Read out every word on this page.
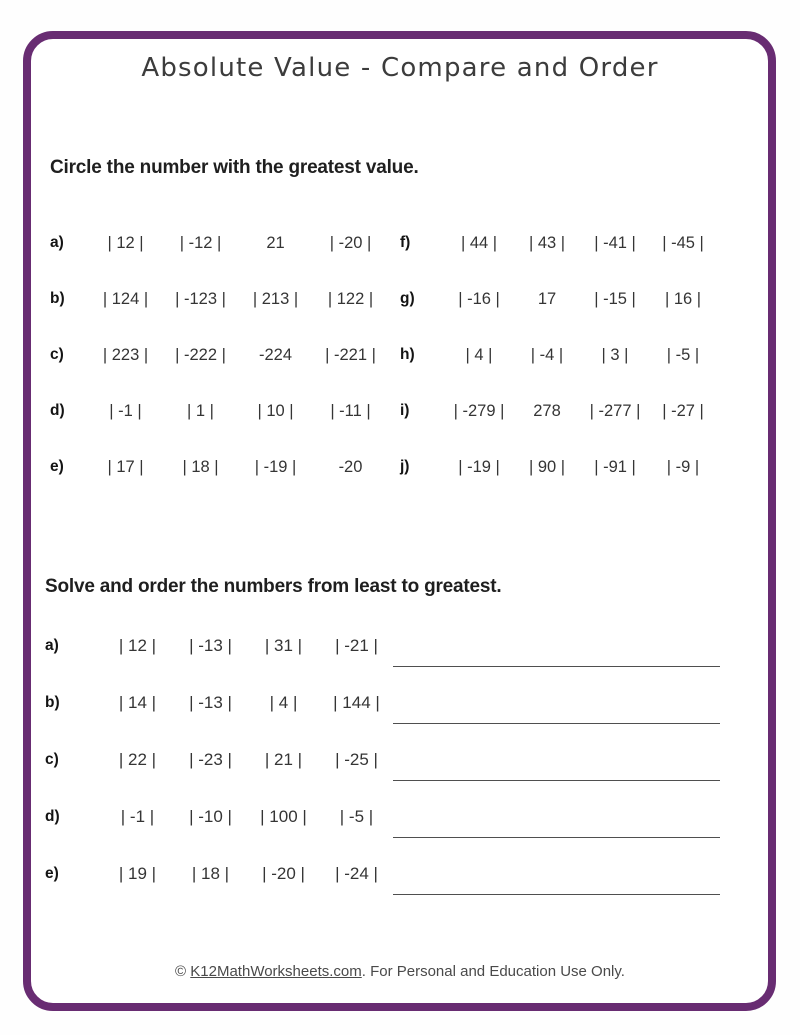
Absolute Value - Compare and Order
Circle the number with the greatest value.
a)	| 12 |	| -12 |	21	| -20 |
b)	| 124 |	| -123 |	| 213 |	| 122 |
c)	| 223 |	| -222 |	-224	| -221 |
d)	| -1 |	| 1 |	| 10 |	| -11 |
e)	| 17 |	| 18 |	| -19 |	-20
f)	| 44 |	| 43 |	| -41 |	| -45 |
g)	| -16 |	17	| -15 |	| 16 |
h)	| 4 |	| -4 |	| 3 |	| -5 |
i)	| -279 |	278	| -277 |	| -27 |
j)	| -19 |	| 90 |	| -91 |	| -9 |
Solve and order the numbers from least to greatest.
a)	| 12 |	| -13 |	| 31 |	| -21 |
b)	| 14 |	| -13 |	| 4 |	| 144 |
c)	| 22 |	| -23 |	| 21 |	| -25 |
d)	| -1 |	| -10 |	| 100 |	| -5 |
e)	| 19 |	| 18 |	| -20 |	| -24 |
© K12MathWorksheets.com. For Personal and Education Use Only.
